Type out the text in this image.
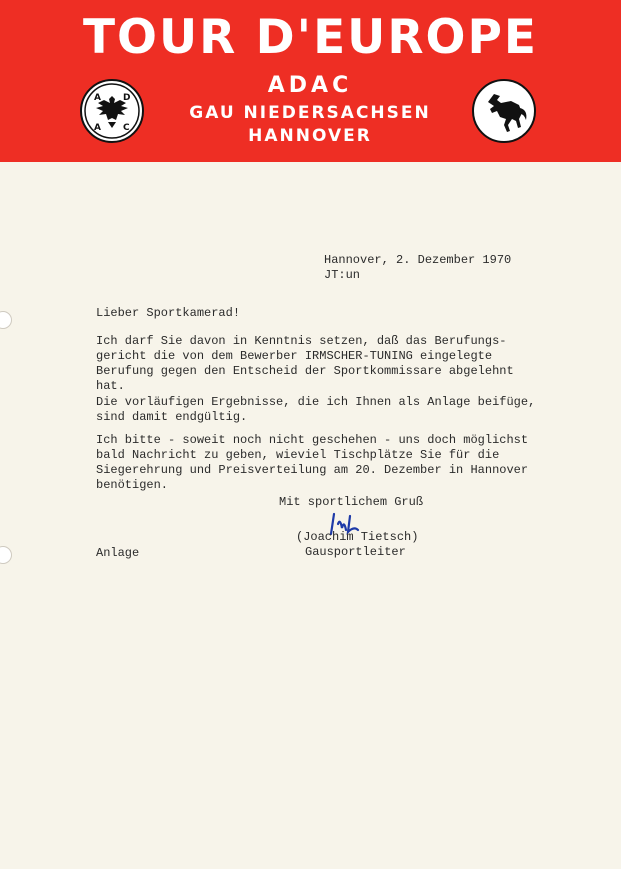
TOUR D'EUROPE
A D
A C
ADAC
GAU NIEDERSACHSEN
HANNOVER
Hannover, 2. Dezember 1970
JT:un
Lieber Sportkamerad!
Ich darf Sie davon in Kenntnis setzen, daß das Berufungs-
gericht die von dem Bewerber IRMSCHER-TUNING eingelegte
Berufung gegen den Entscheid der Sportkommissare abgelehnt
hat.
Die vorläufigen Ergebnisse, die ich Ihnen als Anlage beifüge,
sind damit endgültig.
Ich bitte - soweit noch nicht geschehen - uns doch möglichst
bald Nachricht zu geben, wieviel Tischplätze Sie für die
Siegerehrung und Preisverteilung am 20. Dezember in Hannover
benötigen.
Mit sportlichem Gruß
(Joachim Tietsch)
Gausportleiter
Anlage
